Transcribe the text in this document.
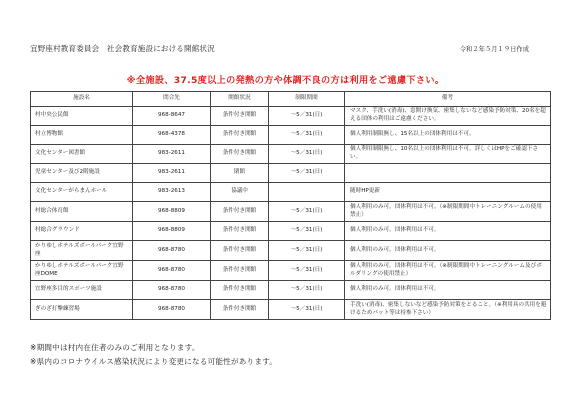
宜野座村教育委員会　社会教育施設における開館状況	令和２年５月１９日作成
※全施設、37.5度以上の発熱の方や体調不良の方は利用をご遠慮下さい。
施設名	問合先	開館状況	制限期間	備考
村中央公民館	968-8647	条件付き開館	～5／31(日)	マスク、手洗い(消毒)、窓開け換気、密集しないなど感染予防対策、20名を超える団体の利用はご遠慮ください。
村立博物館	968-4378	条件付き開館	～5／31(日)	個人利用制限無し、15名以上の団体利用は不可。
文化センター図書館	983-2611	条件付き開館	～5／31(日)	個人利用制限無し、10名以上の団体利用は不可。詳しくはHPをご確認下さい。
児童センター及び2階施設	983-2611	閉館	～5／31(日)	
文化センターがらまんホール	983-2613	協議中		随時HP更新
村総合体育館	968-8809	条件付き開館	～5／31(日)	個人利用のみ可。団体利用は不可。（※制限期間中トレーニングルームの使用禁止）
村総合グラウンド	968-8809	条件付き開館	～5／31(日)	個人利用のみ可。団体利用は不可。
かりゆしホテルズボールパーク宜野座	968-8780	条件付き開館	～5／31(日)	個人利用のみ可。団体利用は不可。
かりゆしホテルズボールパーク宜野座DOME	968-8780	条件付き開館	～5／31(日)	個人利用のみ可。団体利用は不可。（※制限期間中トレーニングルーム及びボルダリングの使用禁止）
宜野座多目的スポーツ施設	968-8780	条件付き開館	～5／31(日)	個人利用のみ可。団体利用は不可。
ぎのざ打撃練習場	968-8780	条件付き開館	～5／31(日)	手洗い(消毒)、密集しないなど感染予防対策をとること。（※利用具の共用を避けるためバット等は持参下さい）
※期間中は村内在住者のみのご利用となります。
※県内のコロナウイルス感染状況により変更になる可能性があります。
